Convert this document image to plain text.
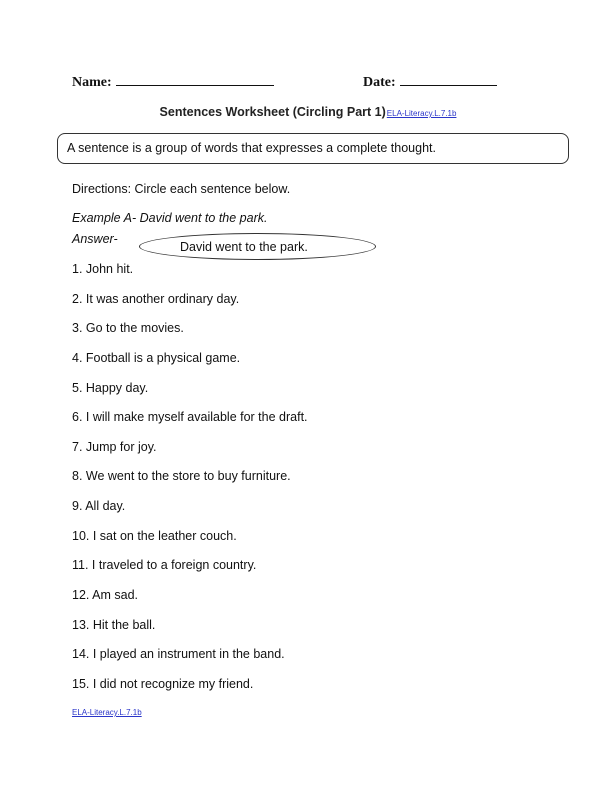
Name:	Date:
Sentences Worksheet (Circling Part 1)ELA-Literacy.L.7.1b
A sentence is a group of words that expresses a complete thought.
Directions: Circle each sentence below.
Example A- David went to the park.
Answer-
David went to the park.
1. John hit.
2. It was another ordinary day.
3. Go to the movies.
4. Football is a physical game.
5. Happy day.
6. I will make myself available for the draft.
7. Jump for joy.
8. We went to the store to buy furniture.
9. All day.
10. I sat on the leather couch.
11. I traveled to a foreign country.
12. Am sad.
13. Hit the ball.
14. I played an instrument in the band.
15. I did not recognize my friend.
ELA-Literacy.L.7.1b
